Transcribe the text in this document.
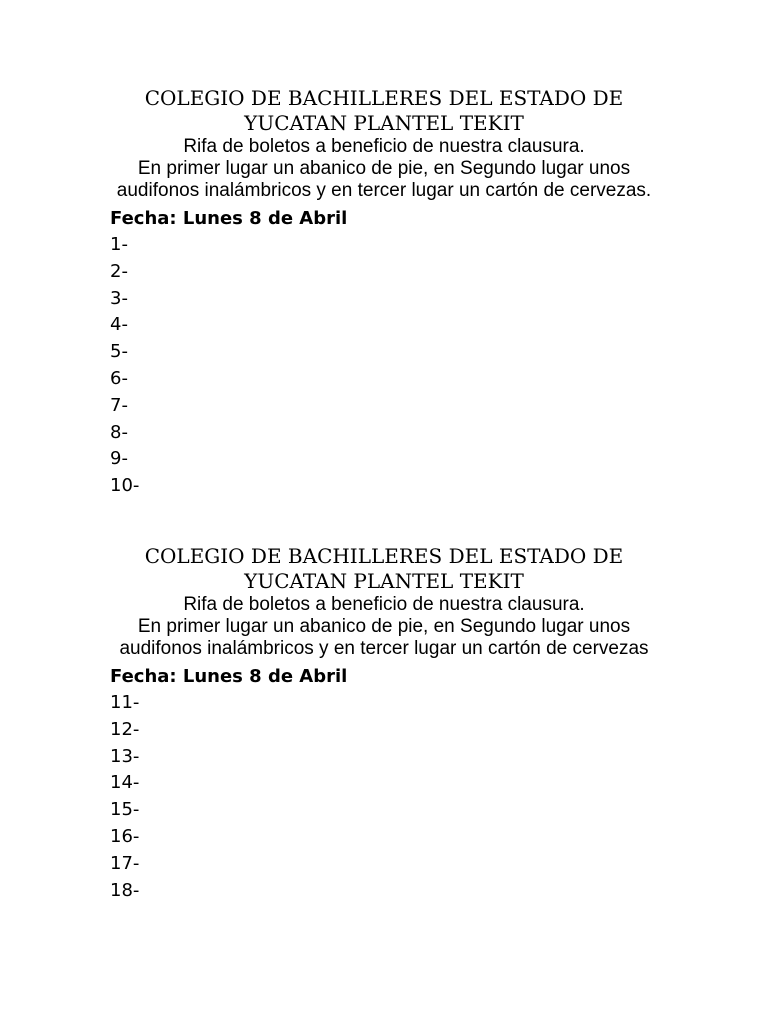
COLEGIO DE BACHILLERES DEL ESTADO DE YUCATAN PLANTEL TEKIT
Rifa de boletos a beneficio de nuestra clausura.
En primer lugar un abanico de pie, en Segundo lugar unos audifonos inalámbricos y en tercer lugar un cartón de cervezas.
Fecha: Lunes 8 de Abril
1-
2-
3-
4-
5-
6-
7-
8-
9-
10-
COLEGIO DE BACHILLERES DEL ESTADO DE YUCATAN PLANTEL TEKIT
Rifa de boletos a beneficio de nuestra clausura.
En primer lugar un abanico de pie, en Segundo lugar unos audifonos inalámbricos y en tercer lugar un cartón de cervezas
Fecha: Lunes 8 de Abril
11-
12-
13-
14-
15-
16-
17-
18-
